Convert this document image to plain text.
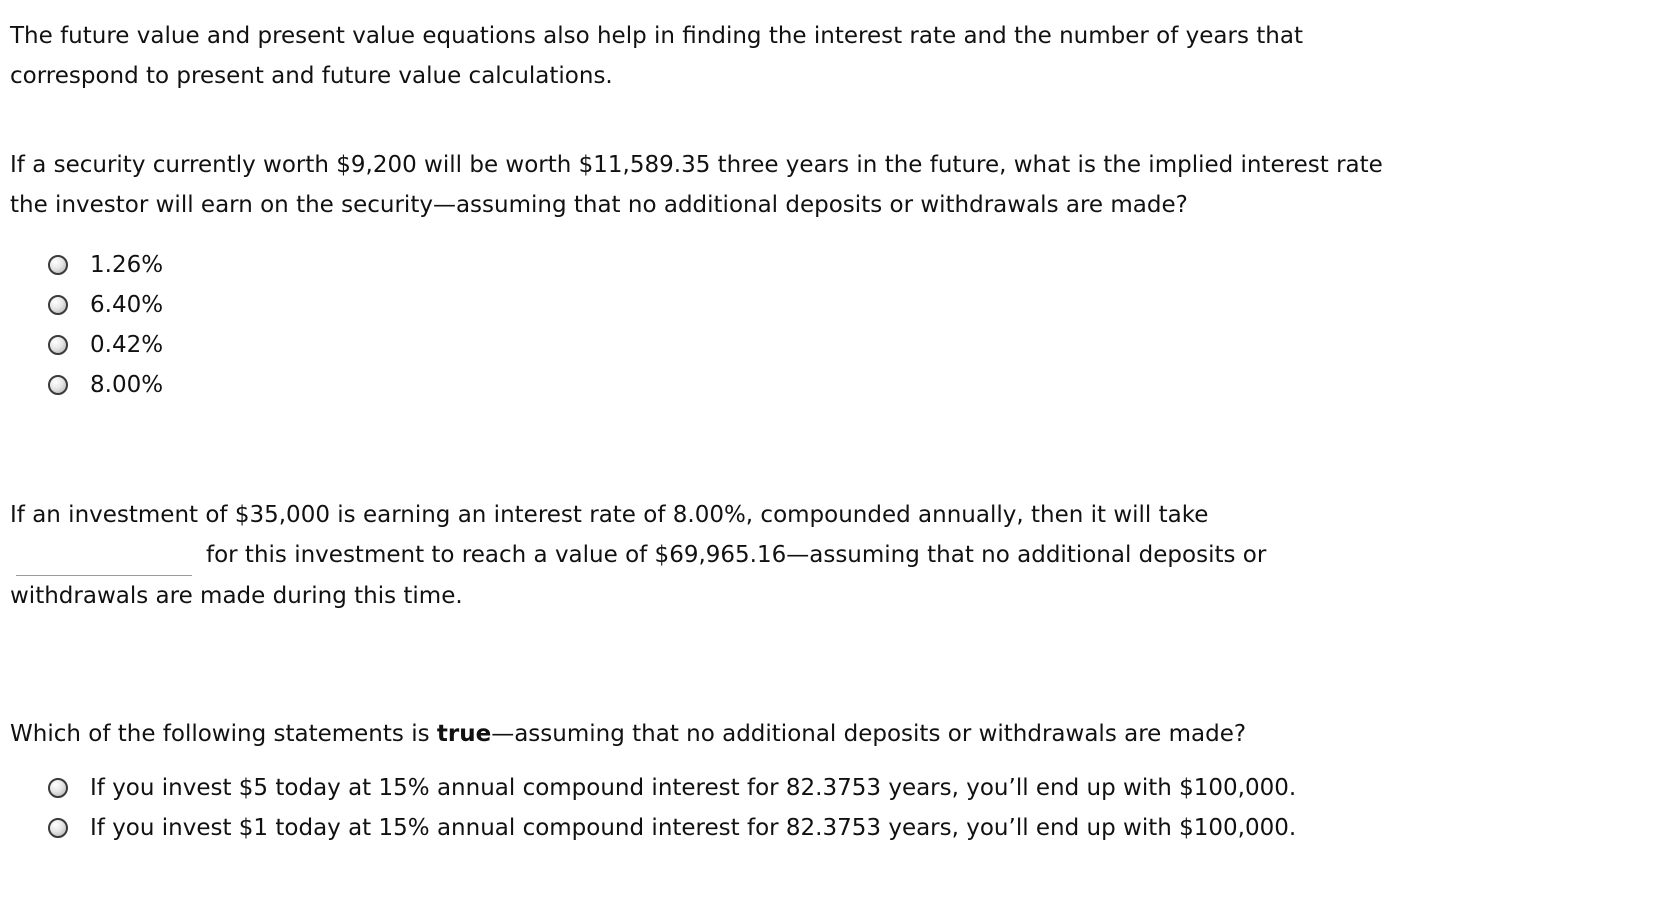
The future value and present value equations also help in finding the interest rate and the number of years that correspond to present and future value calculations.

If a security currently worth $9,200 will be worth $11,589.35 three years in the future, what is the implied interest rate the investor will earn on the security—assuming that no additional deposits or withdrawals are made?

1.26%
6.40%
0.42%
8.00%

If an investment of $35,000 is earning an interest rate of 8.00%, compounded annually, then it will take
for this investment to reach a value of $69,965.16—assuming that no additional deposits or withdrawals are made during this time.

Which of the following statements is true—assuming that no additional deposits or withdrawals are made?

If you invest $5 today at 15% annual compound interest for 82.3753 years, you’ll end up with $100,000.
If you invest $1 today at 15% annual compound interest for 82.3753 years, you’ll end up with $100,000.
